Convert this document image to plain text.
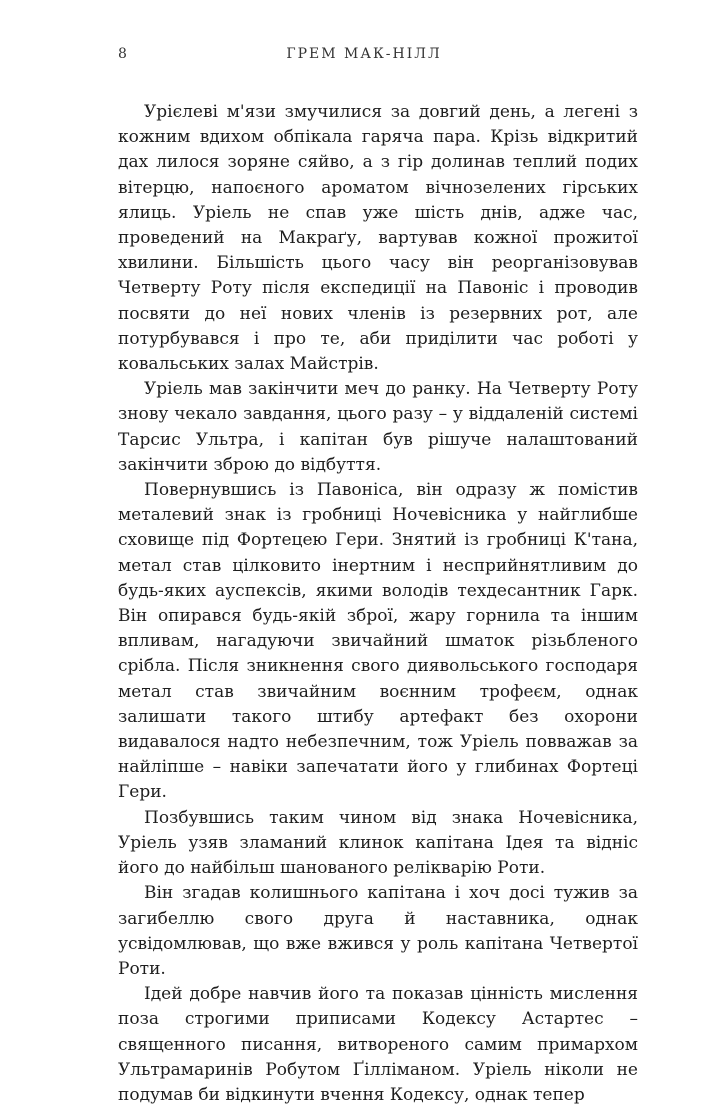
8	ГРЕМ МАК-НІЛЛ

Урієлеві м'язи змучилися за довгий день, а легені з кожним вдихом обпікала гаряча пара. Крізь відкритий дах лилося зоряне сяйво, а з гір долинав теплий подих вітерцю, напоєного ароматом вічнозелених гірських ялиць. Уріель не спав уже шість днів, адже час, проведений на Макраґу, вартував кожної прожитої хвилини. Більшість цього часу він реорганізовував Четверту Роту після експедиції на Павоніс і проводив посвяти до неї нових членів із резервних рот, але потурбувався і про те, аби приділити час роботі у ковальських залах Майстрів.

Уріель мав закінчити меч до ранку. На Четверту Роту знову чекало завдання, цього разу – у віддаленій системі Тарсис Ультра, і капітан був рішуче налаштований закінчити зброю до відбуття.

Повернувшись із Павоніса, він одразу ж помістив металевий знак із гробниці Ночевісника у найглибше сховище під Фортецею Гери. Знятий із гробниці К'тана, метал став цілковито інертним і несприйнятливим до будь-яких ауспексів, якими володів техдесантник Гарк. Він опирався будь-якій зброї, жару горнила та іншим впливам, нагадуючи звичайний шматок різьбленого срібла. Після зникнення свого диявольського господаря метал став звичайним воєнним трофеєм, однак залишати такого штибу артефакт без охорони видавалося надто небезпечним, тож Уріель повважав за найліпше – навіки запечатати його у глибинах Фортеці Гери.

Позбувшись таким чином від знака Ночевісника, Уріель узяв зламаний клинок капітана Ідея та відніс його до найбільш шанованого релікварію Роти.

Він згадав колишнього капітана і хоч досі тужив за загибеллю свого друга й наставника, однак усвідомлював, що вже вжився у роль капітана Четвертої Роти.

Ідей добре навчив його та показав цінність мислення поза строгими приписами Кодексу Астартес – священного писання, витвореного самим примархом Ультрамаринів Робутом Ґілліманом. Уріель ніколи не подумав би відкинути вчення Кодексу, однак тепер
